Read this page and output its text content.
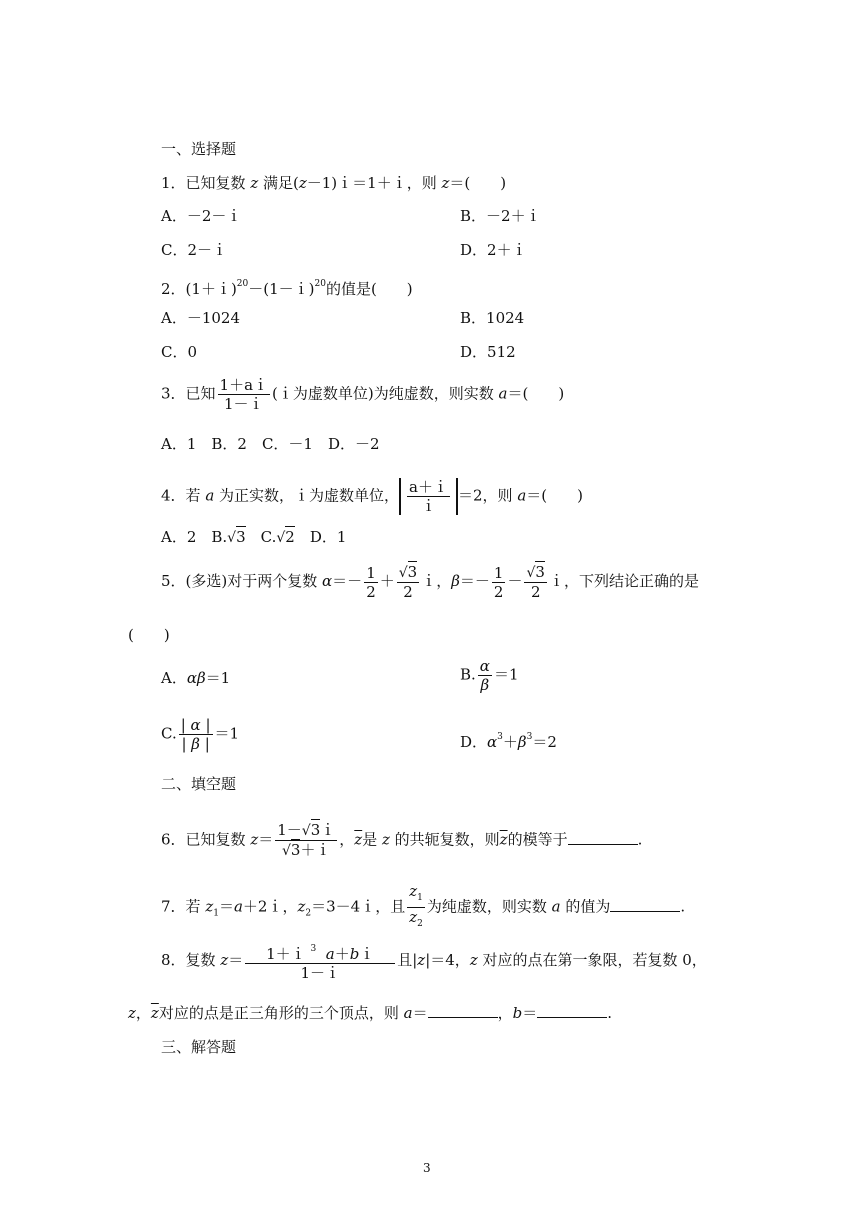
一、选择题
1．已知复数 z 满足(z－1)ｉ＝1＋ｉ，则 z＝(　　)
A．－2－ｉ	B．－2＋ｉ
C．2－ｉ	D．2＋ｉ
2．(1＋ｉ)$^{20}$－(1－ｉ)$^{20}$的值是(　　)
A．－1024	B．1024
C．0	D．512
3．已知 $\frac{\text{1＋aｉ}}{\text{1－ｉ}}$ (ｉ为虚数单位)为纯虚数，则实数 a＝(　　)
A．1　B．2　C．－1　D．－2
4．若 a 为正实数，ｉ为虚数单位， $\frac{\text{a＋ｉ}}{\text{ｉ}} =2$，则 a＝(　　)
A．2　B.√3　C.√2　D．1
5．(多选)对于两个复数 $\alpha=- \frac{1}{2} + \frac{√3}{2}$ ｉ，$\beta=- \frac{1}{2} - \frac{√3}{2}$ ｉ，下列结论正确的是
(　　)
A．αβ＝1	B. $\frac{\alpha}{\beta} =1$
C. $\frac{| \alpha |}{| \beta |} =1$	D．$\alpha^3+\beta^3=2$
二、填空题
6．已知复数 $z= \frac{\text{1－√3ｉ}}{\text{√3＋ｉ}}$ ，$\overline{z}$是 z 的共轭复数，则$\overline{z}$的模等于	.
7．若 $z_1=a+2i$，$z_2=3-4i$，且 $\frac{z_1}{z_2}$ 为纯虚数，则实数 a 的值为	.
8．复数 $z= \frac{1+i ^3 a+bi}{\text{1－ｉ}}$ 且|z|＝4，z 对应的点在第一象限，若复数 0，
z，$\overline{z}$对应的点是正三角形的三个顶点，则 a＝	，b＝	.
三、解答题
3
